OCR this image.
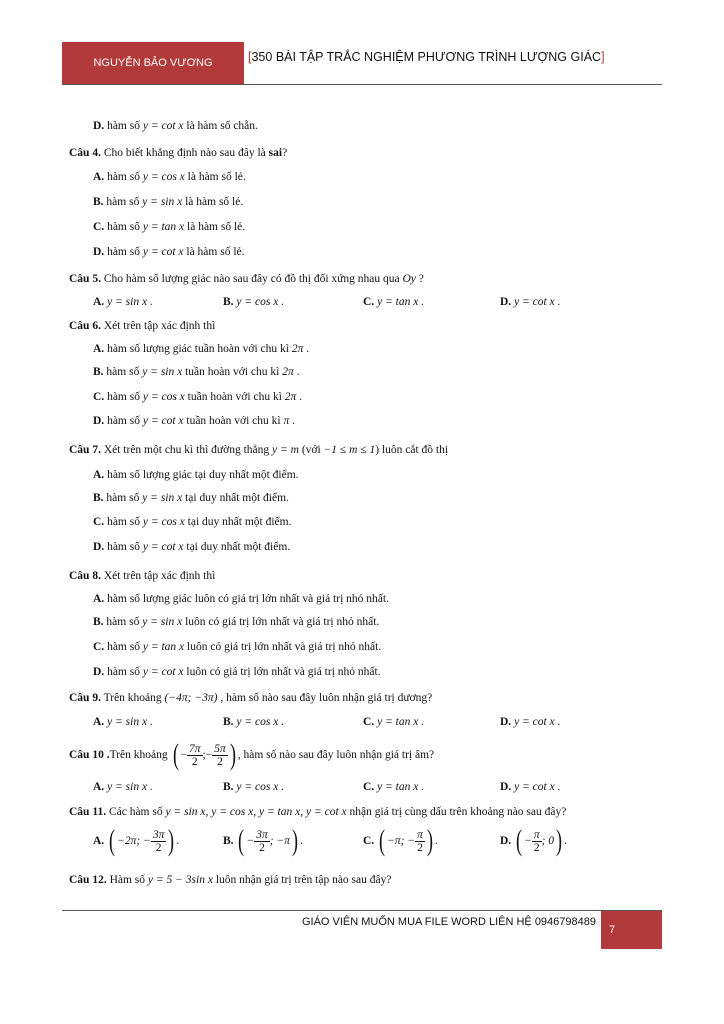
NGUYỄN BẢO VƯƠNG	[350 BÀI TẬP TRẮC NGHIỆM PHƯƠNG TRÌNH LƯỢNG GIÁC]
D. hàm số y = cot x là hàm số chẵn.
Câu 4. Cho biết khẳng định nào sau đây là sai?
A. hàm số y = cos x là hàm số lẻ.
B. hàm số y = sin x là hàm số lẻ.
C. hàm số y = tan x là hàm số lẻ.
D. hàm số y = cot x là hàm số lẻ.
Câu 5. Cho hàm số lượng giác nào sau đây có đồ thị đối xứng nhau qua Oy ?
A. y = sin x .	B. y = cos x .	C. y = tan x .	D. y = cot x .
Câu 6. Xét trên tập xác định thì
A. hàm số lượng giác tuần hoàn với chu kì 2π .
B. hàm số y = sin x tuần hoàn với chu kì 2π .
C. hàm số y = cos x tuần hoàn với chu kì 2π .
D. hàm số y = cot x tuần hoàn với chu kì π .
Câu 7. Xét trên một chu kì thì đường thẳng y = m (với −1 ≤ m ≤ 1) luôn cắt đồ thị
A. hàm số lượng giác tại duy nhất một điểm.
B. hàm số y = sin x tại duy nhất một điểm.
C. hàm số y = cos x tại duy nhất một điểm.
D. hàm số y = cot x tại duy nhất một điểm.
Câu 8. Xét trên tập xác định thì
A. hàm số lượng giác luôn có giá trị lớn nhất và giá trị nhỏ nhất.
B. hàm số y = sin x luôn có giá trị lớn nhất và giá trị nhỏ nhất.
C. hàm số y = tan x luôn có giá trị lớn nhất và giá trị nhỏ nhất.
D. hàm số y = cot x luôn có giá trị lớn nhất và giá trị nhỏ nhất.
Câu 9. Trên khoảng (−4π; −3π) , hàm số nào sau đây luôn nhận giá trị dương?
A. y = sin x .	B. y = cos x .	C. y = tan x .	D. y = cot x .
Câu 10 .Trên khoảng ( − $\frac{7\pi}{2}$ ;− $\frac{5\pi}{2}$ ) , hàm số nào sau đây luôn nhận giá trị âm?
A. y = sin x .	B. y = cos x .	C. y = tan x .	D. y = cot x .
Câu 11. Các hàm số y = sin x, y = cos x, y = tan x, y = cot x nhận giá trị cùng dấu trên khoảng nào sau đây?
A. ( −2π; − $\frac{3\pi}{2}$ ) .	B. ( − $\frac{3\pi}{2}$ ; −π) .	C. ( −π; − $\frac{\pi}{2}$ ) .	D. ( − $\frac{\pi}{2}$ ; 0) .
Câu 12. Hàm số y = 5 − 3sin x luôn nhận giá trị trên tập nào sau đây?
GIÁO VIÊN MUỐN MUA FILE WORD LIÊN HỆ 0946798489
7
